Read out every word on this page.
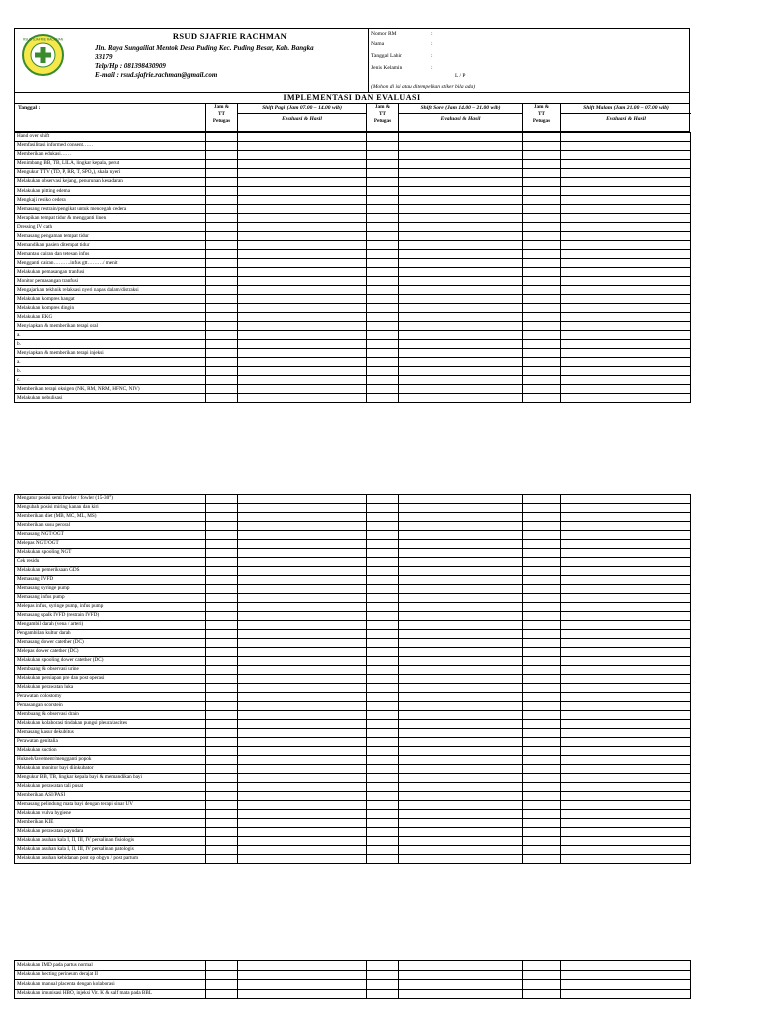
RSUD SJAFRIE RACHMAN	RSUD SJAFRIE RACHMAN
Jln. Raya Sungailiat Mentok Desa Puding Kec. Puding Besar, Kab. Bangka
33179
Telp/Hp : 081398430909
E-mail : rsud.sjafrie.rachman@gmail.com
Nomor RM	:
Nama	:
Tanggal Lahir	:
Jenis Kelamin	:
L / P
(Mohon di isi atau ditempelkan stiker bila ada)
IMPLEMENTASI DAN EVALUASI
Tanggal :	Jam &
TT
Petugas
Shift Pagi (Jam 07.00 – 14.00 wib)
Evaluasi & Hasil
Jam &
TT
Petugas
Shift Sore (Jam 14.00 – 21.00 wib)
Evaluasi & Hasil
Jam &
TT
Petugas
Shift Malam (Jam 21.00 – 07.00 wib)
Evaluasi & Hasil
Hand over shift						
Memfasilitasi informed consent……						
Memberikan edukasi……						
Menimbang BB, TB, LILA, lingkar kepala, perut						
Mengukur TTV (TD, P, RR, T, SPO₂), skala nyeri						
Melakukan observasi kejang, penurunan kesadaran						
Melakukan pitting edema						
Mengkaji resiko cedera						
Memasang restrain/pengikat untuk mencegah cedera						
Merapikan tempat tidur & mengganti linen						
Dressing IV cath						
Memasang pengaman tempat tidur						
Memandikan pasien ditempat tidur						
Memantau cairan dan tetesan infus						
Mengganti cairan……….infus gtt………/ menit						
Melakukan pemasangan tranfusi						
Monitor pemasangan tranfusi						
Mengajarkan tekhnik relaksasi nyeri napas dalam/distraksi						
Melakukan kompres hangat						
Melakukan kompres dingin						
Melakukan EKG						
Menyiapkan & memberikan terapi oral						
a.						
b.						
Menyiapkan & memberikan terapi injeksi						
a.						
b.						
c.						
Memberikan terapi oksigen (NK, RM, NRM, HFNC, NIV)						
Melakukan nebulisasi						
Mengatur posisi semi fowler / fowler (15-30°)						
Mengubah posisi miring kanan dan kiri						
Memberikan diet (MB, MC, ML, MS)						
Memberikan susu peroral						
Memasang NGT/OGT						
Melepas NGT/OGT						
Melakukan spooling NGT						
Cek residu						
Melakukan pemeriksaan GDS						
Memasang IVFD						
Memasang syringe pump						
Memasang infus pump						
Melepas infus, syringe pump, infus pump						
Memasang spalk IVFD (restrain IVFD)						
Mengambil darah (vena / arteri)						
Pengambilan kultur darah						
Memasang dower catether (DC)						
Melepas dower catether (DC)						
Melakukan spooling dower catether (DC)						
Membuang & observasi urine						
Melakukan persiapan pre dan post operasi						
Melakukan perawatan luka						
Perawatan colostomy						
Pemasangan scorstein						
Membuang & observasi drain						
Melakukan kolaborasi tindakan pungsi pleura/ascites						
Memasang kasur dekubitus						
Perawatan genitalia						
Melakukan suction						
Hukneh/lavement/mengganti popok						
Melakukan monitor bayi diinkubator						
Mengukur BB, TB, lingkar kepala bayi & memandikan bayi						
Melakukan perawatan tali pusat						
Memberikan ASI/PASI						
Memasang pelindung mata bayi dengan terapi sinar UV						
Melakukan vulva hygiene						
Memberikan KIE						
Melakukan perawatan payudara						
Melakukan asuhan kala I, II, III, IV persalinan fisiologis						
Melakukan asuhan kala I, II, III, IV persalinan patologis						
Melakukan asuhan kebidanan post op obgyn / post partum						
Melakukan IMD pada partus normal						
Melakukan hecting perineum derajat II						
Melakukan manual placenta dengan kolaborasi						
Melakukan imunisasi HBO, injeksi Vit. K & salf mata pada BBL						
